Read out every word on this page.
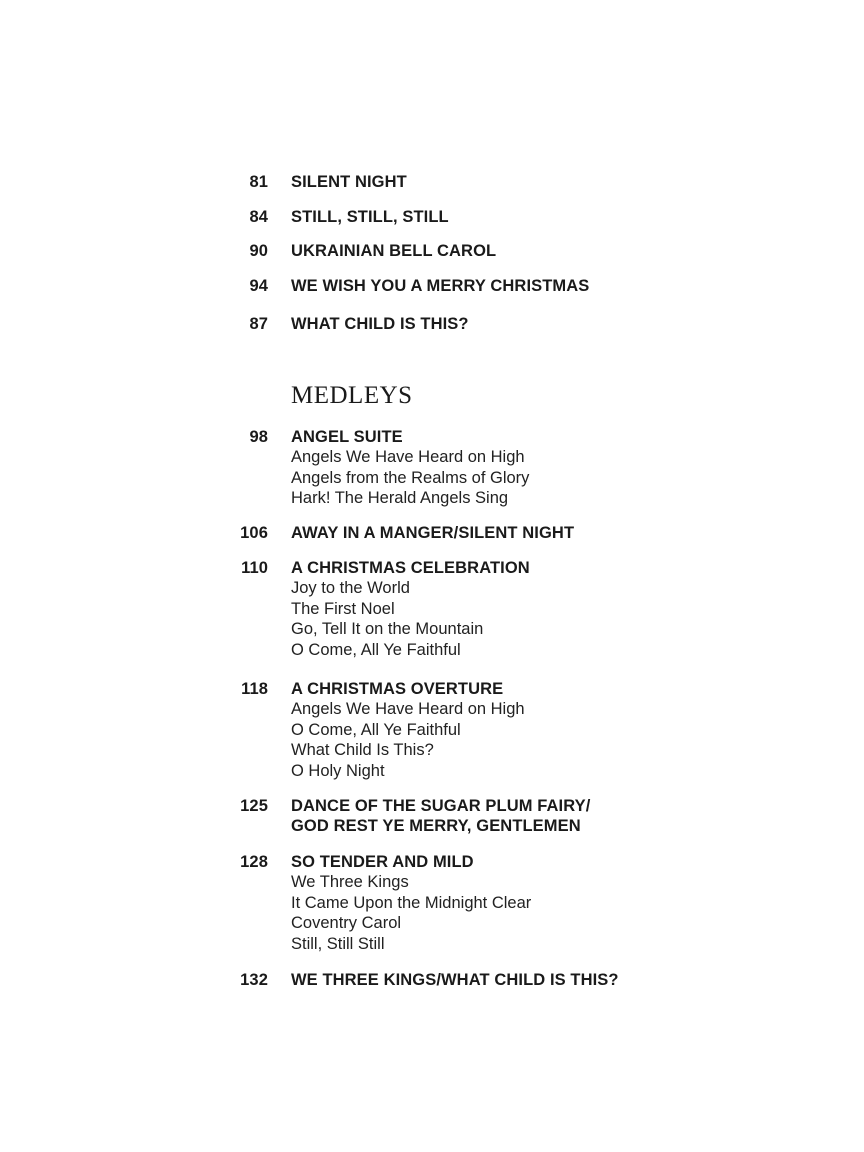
81 SILENT NIGHT
84 STILL, STILL, STILL
90 UKRAINIAN BELL CAROL
94 WE WISH YOU A MERRY CHRISTMAS
87 WHAT CHILD IS THIS?
MEDLEYS
98 ANGEL SUITE
Angels We Have Heard on High
Angels from the Realms of Glory
Hark! The Herald Angels Sing
106 AWAY IN A MANGER/SILENT NIGHT
110 A CHRISTMAS CELEBRATION
Joy to the World
The First Noel
Go, Tell It on the Mountain
O Come, All Ye Faithful
118 A CHRISTMAS OVERTURE
Angels We Have Heard on High
O Come, All Ye Faithful
What Child Is This?
O Holy Night
125 DANCE OF THE SUGAR PLUM FAIRY/
GOD REST YE MERRY, GENTLEMEN
128 SO TENDER AND MILD
We Three Kings
It Came Upon the Midnight Clear
Coventry Carol
Still, Still Still
132 WE THREE KINGS/WHAT CHILD IS THIS?
